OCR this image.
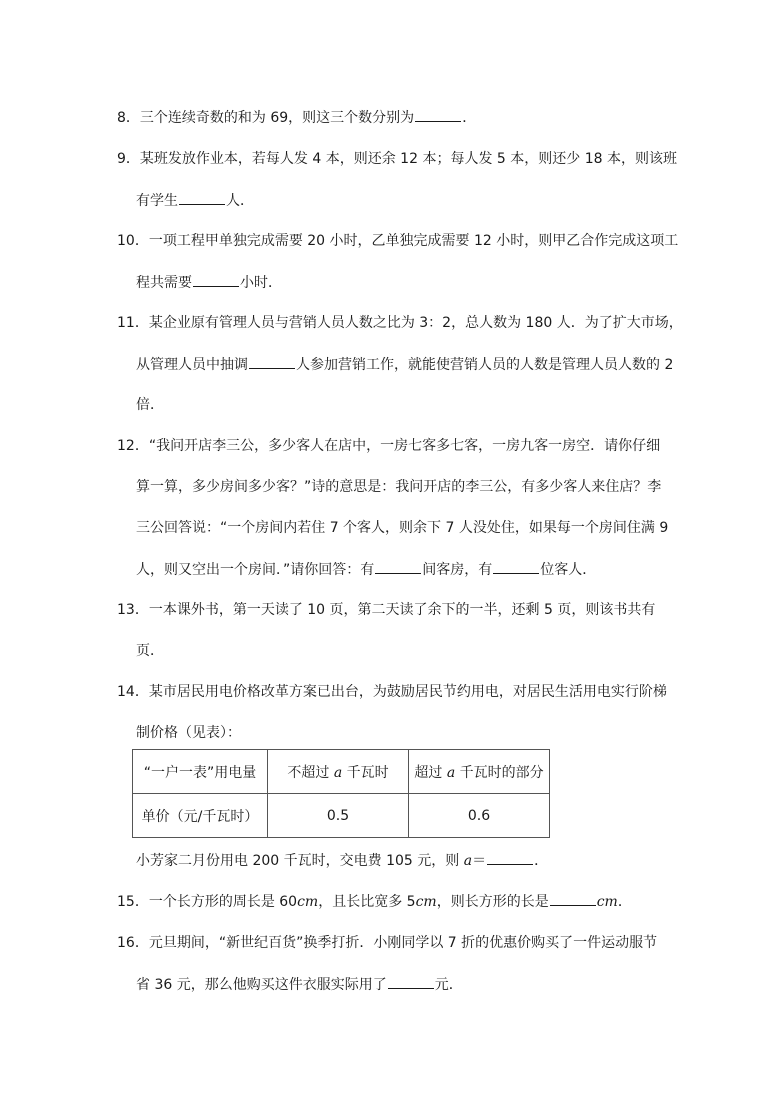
8．三个连续奇数的和为 69，则这三个数分别为	．
9．某班发放作业本，若每人发 4 本，则还余 12 本；每人发 5 本，则还少 18 本，则该班
有学生	人．
10．一项工程甲单独完成需要 20 小时，乙单独完成需要 12 小时，则甲乙合作完成这项工
程共需要	小时．
11．某企业原有管理人员与营销人员人数之比为 3：2，总人数为 180 人．为了扩大市场，
从管理人员中抽调	人参加营销工作，就能使营销人员的人数是管理人员人数的 2
倍．
12．“我问开店李三公，多少客人在店中，一房七客多七客，一房九客一房空．请你仔细
算一算，多少房间多少客？”诗的意思是：我问开店的李三公，有多少客人来住店？李
三公回答说：“一个房间内若住 7 个客人，则余下 7 人没处住，如果每一个房间住满 9
人，则又空出一个房间．”请你回答：有	间客房，有	位客人．
13．一本课外书，第一天读了 10 页，第二天读了余下的一半，还剩 5 页，则该书共有
页．
14．某市居民用电价格改革方案已出台，为鼓励居民节约用电，对居民生活用电实行阶梯
制价格（见表）：
“一户一表”用电量	不超过 a 千瓦时	超过 a 千瓦时的部分
单价（元/千瓦时）	0.5	0.6
小芳家二月份用电 200 千瓦时，交电费 105 元，则 a＝	．
15．一个长方形的周长是 60cm，且长比宽多 5cm，则长方形的长是	cm．
16．元旦期间，“新世纪百货”换季打折．小刚同学以 7 折的优惠价购买了一件运动服节
省 36 元，那么他购买这件衣服实际用了	元．
